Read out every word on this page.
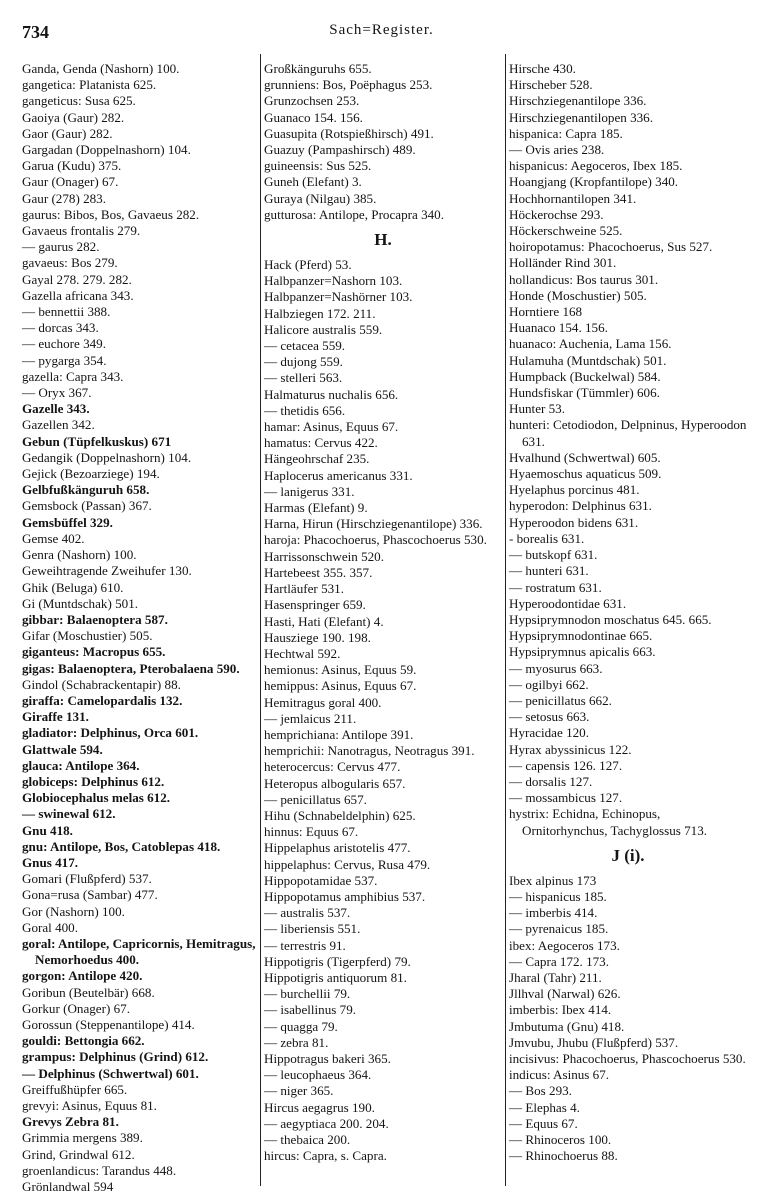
734	Sach=Register.
Ganda, Genda (Nashorn) 100.
gangetica: Platanista 625.
gangeticus: Susa 625.
Gaoiya (Gaur) 282.
Gaor (Gaur) 282.
Gargadan (Doppelnashorn) 104.
Garua (Kudu) 375.
Gaur (Onager) 67.
Gaur (278) 283.
gaurus: Bibos, Bos, Gavaeus 282.
Gavaeus frontalis 279.
— gaurus 282.
gavaeus: Bos 279.
Gayal 278. 279. 282.
Gazella africana 343.
— bennettii 388.
— dorcas 343.
— euchore 349.
— pygarga 354.
gazella: Capra 343.
— Oryx 367.
Gazelle 343.
Gazellen 342.
Gebun (Tüpfelkuskus) 671
Gedangik (Doppelnashorn) 104.
Gejick (Bezoarziege) 194.
Gelbfußkänguruh 658.
Gemsbock (Passan) 367.
Gemsbüffel 329.
Gemse 402.
Genra (Nashorn) 100.
Geweihtragende Zweihufer 130.
Ghik (Beluga) 610.
Gi (Muntdschak) 501.
gibbar: Balaenoptera 587.
Gifar (Moschustier) 505.
giganteus: Macropus 655.
gigas: Balaenoptera, Pterobalaena 590.
Gindol (Schabrackentapir) 88.
giraffa: Camelopardalis 132.
Giraffe 131.
gladiator: Delphinus, Orca 601.
Glattwale 594.
glauca: Antilope 364.
globiceps: Delphinus 612.
Globiocephalus melas 612.
— swinewal 612.
Gnu 418.
gnu: Antilope, Bos, Catoblepas 418.
Gnus 417.
Gomari (Flußpferd) 537.
Gona=rusa (Sambar) 477.
Gor (Nashorn) 100.
Goral 400.
goral: Antilope, Capricornis, Hemitragus, Nemorhoedus 400.
gorgon: Antilope 420.
Goribun (Beutelbär) 668.
Gorkur (Onager) 67.
Gorossun (Steppenantilope) 414.
gouldi: Bettongia 662.
grampus: Delphinus (Grind) 612.
— Delphinus (Schwertwal) 601.
Greiffußhüpfer 665.
grevyi: Asinus, Equus 81.
Grevys Zebra 81.
Grimmia mergens 389.
Grind, Grindwal 612.
groenlandicus: Tarandus 448.
Grönlandwal 594
Großkänguruhs 655.
grunniens: Bos, Poëphagus 253.
Grunzochsen 253.
Guanaco 154. 156.
Guasupita (Rotspießhirsch) 491.
Guazuy (Pampashirsch) 489.
guineensis: Sus 525.
Guneh (Elefant) 3.
Guraya (Nilgau) 385.
gutturosa: Antilope, Procapra 340.
H.
Hack (Pferd) 53.
Halbpanzer=Nashorn 103.
Halbpanzer=Nashörner 103.
Halbziegen 172. 211.
Halicore australis 559.
— cetacea 559.
— dujong 559.
— stelleri 563.
Halmaturus nuchalis 656.
— thetidis 656.
hamar: Asinus, Equus 67.
hamatus: Cervus 422.
Hängeohrschaf 235.
Haplocerus americanus 331.
— lanigerus 331.
Harmas (Elefant) 9.
Harna, Hirun (Hirschziegenantilope) 336.
haroja: Phacochoerus, Phascochoerus 530.
Harrissonschwein 520.
Hartebeest 355. 357.
Hartläufer 531.
Hasenspringer 659.
Hasti, Hati (Elefant) 4.
Hausziege 190. 198.
Hechtwal 592.
hemionus: Asinus, Equus 59.
hemippus: Asinus, Equus 67.
Hemitragus goral 400.
— jemlaicus 211.
hemprichiana: Antilope 391.
hemprichii: Nanotragus, Neotragus 391.
heterocercus: Cervus 477.
Heteropus albogularis 657.
— penicillatus 657.
Hihu (Schnabeldelphin) 625.
hinnus: Equus 67.
Hippelaphus aristotelis 477.
hippelaphus: Cervus, Rusa 479.
Hippopotamidae 537.
Hippopotamus amphibius 537.
— australis 537.
— liberiensis 551.
— terrestris 91.
Hippotigris (Tigerpferd) 79.
Hippotigris antiquorum 81.
— burchellii 79.
— isabellinus 79.
— quagga 79.
— zebra 81.
Hippotragus bakeri 365.
— leucophaeus 364.
— niger 365.
Hircus aegagrus 190.
— aegyptiaca 200. 204.
— thebaica 200.
hircus: Capra, s. Capra.
Hirsche 430.
Hirscheber 528.
Hirschziegenantilope 336.
Hirschziegenantilopen 336.
hispanica: Capra 185.
— Ovis aries 238.
hispanicus: Aegoceros, Ibex 185.
Hoangjang (Kropfantilope) 340.
Hochhornantilopen 341.
Höckerochse 293.
Höckerschweine 525.
hoiropotamus: Phacochoerus, Sus 527.
Holländer Rind 301.
hollandicus: Bos taurus 301.
Honde (Moschustier) 505.
Horntiere 168
Huanaco 154. 156.
huanaco: Auchenia, Lama 156.
Hulamuha (Muntdschak) 501.
Humpback (Buckelwal) 584.
Hundsfiskar (Tümmler) 606.
Hunter 53.
hunteri: Cetodiodon, Delpninus, Hyperoodon 631.
Hvalhund (Schwertwal) 605.
Hyaemoschus aquaticus 509.
Hyelaphus porcinus 481.
hyperodon: Delphinus 631.
Hyperoodon bidens 631.
- borealis 631.
— butskopf 631.
— hunteri 631.
— rostratum 631.
Hyperoodontidae 631.
Hypsiprymnodon moschatus 645. 665.
Hypsiprymnodontinae 665.
Hypsiprymnus apicalis 663.
— myosurus 663.
— ogilbyi 662.
— penicillatus 662.
— setosus 663.
Hyracidae 120.
Hyrax abyssinicus 122.
— capensis 126. 127.
— dorsalis 127.
— mossambicus 127.
hystrix: Echidna, Echinopus, Ornitorhynchus, Tachyglossus 713.
J (i).
Ibex alpinus 173
— hispanicus 185.
— imberbis 414.
— pyrenaicus 185.
ibex: Aegoceros 173.
— Capra 172. 173.
Jharal (Tahr) 211.
Jllhval (Narwal) 626.
imberbis: Ibex 414.
Jmbutuma (Gnu) 418.
Jmvubu, Jhubu (Flußpferd) 537.
incisivus: Phacochoerus, Phascochoerus 530.
indicus: Asinus 67.
— Bos 293.
— Elephas 4.
— Equus 67.
— Rhinoceros 100.
— Rhinochoerus 88.
